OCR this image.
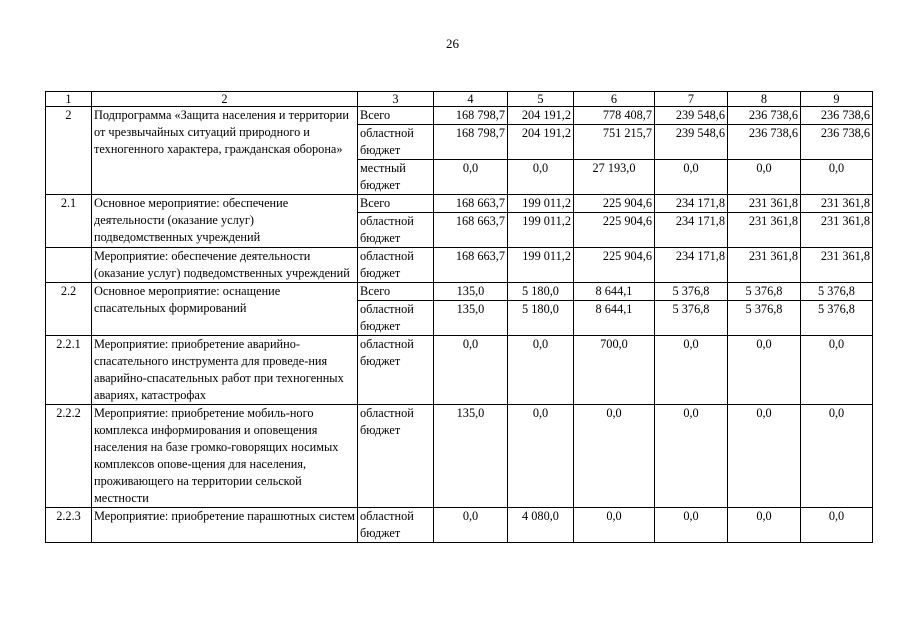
26
1	2	3	4	5	6	7	8	9
2	Подпрограмма «Защита населения и территории от чрезвычайных ситуаций природного и техногенного характера, гражданская оборона»	Всего	168 798,7	204 191,2	778 408,7	239 548,6	236 738,6	236 738,6
		областной бюджет	168 798,7	204 191,2	751 215,7	239 548,6	236 738,6	236 738,6
		местный бюджет	0,0	0,0	27 193,0	0,0	0,0	0,0
2.1	Основное мероприятие: обеспечение деятельности (оказание услуг) подведомственных учреждений	Всего	168 663,7	199 011,2	225 904,6	234 171,8	231 361,8	231 361,8
		областной бюджет	168 663,7	199 011,2	225 904,6	234 171,8	231 361,8	231 361,8
	Мероприятие: обеспечение деятельности (оказание услуг) подведомственных учреждений	областной бюджет	168 663,7	199 011,2	225 904,6	234 171,8	231 361,8	231 361,8
2.2	Основное мероприятие: оснащение спасательных формирований	Всего	135,0	5 180,0	8 644,1	5 376,8	5 376,8	5 376,8
		областной бюджет	135,0	5 180,0	8 644,1	5 376,8	5 376,8	5 376,8
2.2.1	Мероприятие: приобретение аварийно-спасательного инструмента для проведе-ния аварийно-спасательных работ при техногенных авариях, катастрофах	областной бюджет	0,0	0,0	700,0	0,0	0,0	0,0
2.2.2	Мероприятие: приобретение мобиль-ного комплекса информирования и оповещения населения на базе громко-говорящих носимых комплексов опове-щения для населения, проживающего на территории сельской местности	областной бюджет	135,0	0,0	0,0	0,0	0,0	0,0
2.2.3	Мероприятие: приобретение парашютных систем	областной бюджет	0,0	4 080,0	0,0	0,0	0,0	0,0
